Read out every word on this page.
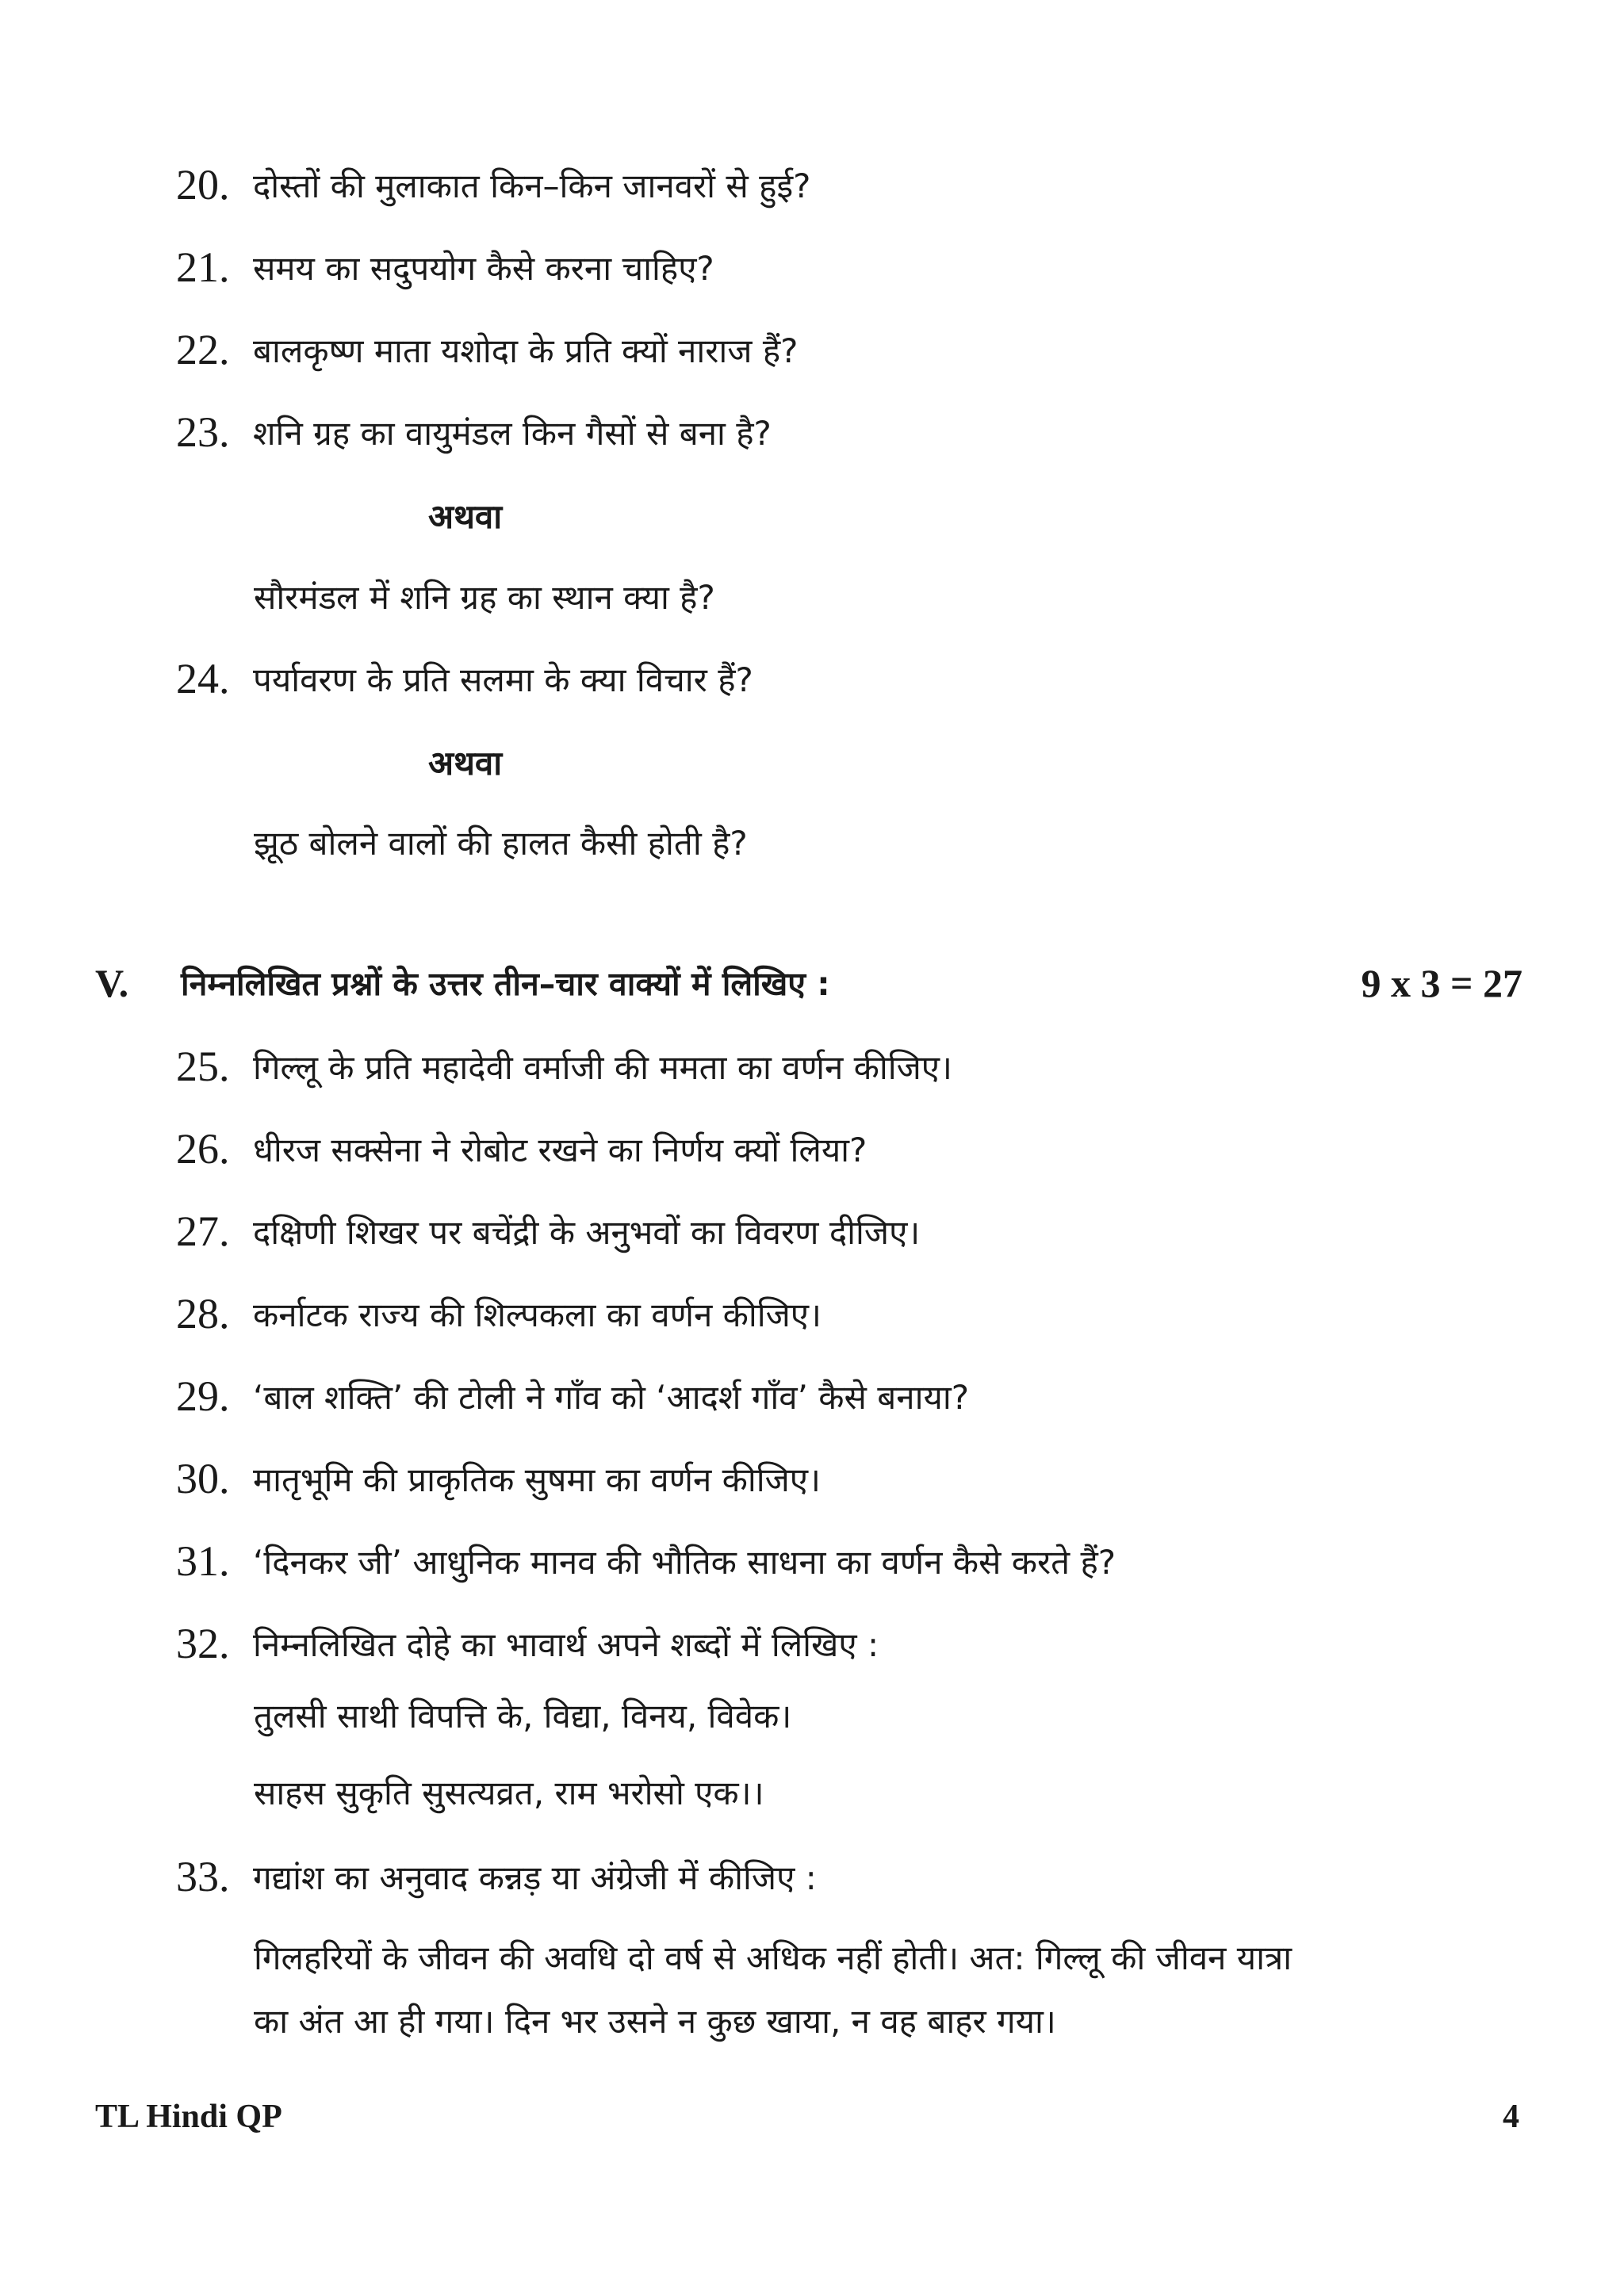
20. दोस्तों की मुलाकात किन–किन जानवरों से हुई?
21. समय का सदुपयोग कैसे करना चाहिए?
22. बालकृष्ण माता यशोदा के प्रति क्यों नाराज हैं?
23. शनि ग्रह का वायुमंडल किन गैसों से बना है?
अथवा
सौरमंडल में शनि ग्रह का स्थान क्या है?
24. पर्यावरण के प्रति सलमा के क्या विचार हैं?
अथवा
झूठ बोलने वालों की हालत कैसी होती है?
V.	निम्नलिखित प्रश्नों के उत्तर तीन–चार वाक्यों में लिखिए :	9 x 3 = 27
25. गिल्लू के प्रति महादेवी वर्माजी की ममता का वर्णन कीजिए।
26. धीरज सक्सेना ने रोबोट रखने का निर्णय क्यों लिया?
27. दक्षिणी शिखर पर बचेंद्री के अनुभवों का विवरण दीजिए।
28. कर्नाटक राज्य की शिल्पकला का वर्णन कीजिए।
29. ‘बाल शक्ति’ की टोली ने गाँव को ‘आदर्श गाँव’ कैसे बनाया?
30. मातृभूमि की प्राकृतिक सुषमा का वर्णन कीजिए।
31. ‘दिनकर जी’ आधुनिक मानव की भौतिक साधना का वर्णन कैसे करते हैं?
32. निम्नलिखित दोहे का भावार्थ अपने शब्दों में लिखिए :
तुलसी साथी विपत्ति के, विद्या, विनय, विवेक।
साहस सुकृति सुसत्यव्रत, राम भरोसो एक।।
33. गद्यांश का अनुवाद कन्नड़ या अंग्रेजी में कीजिए :
गिलहरियों के जीवन की अवधि दो वर्ष से अधिक नहीं होती। अत: गिल्लू की जीवन यात्रा
का अंत आ ही गया। दिन भर उसने न कुछ खाया, न वह बाहर गया।
TL Hindi QP	4
